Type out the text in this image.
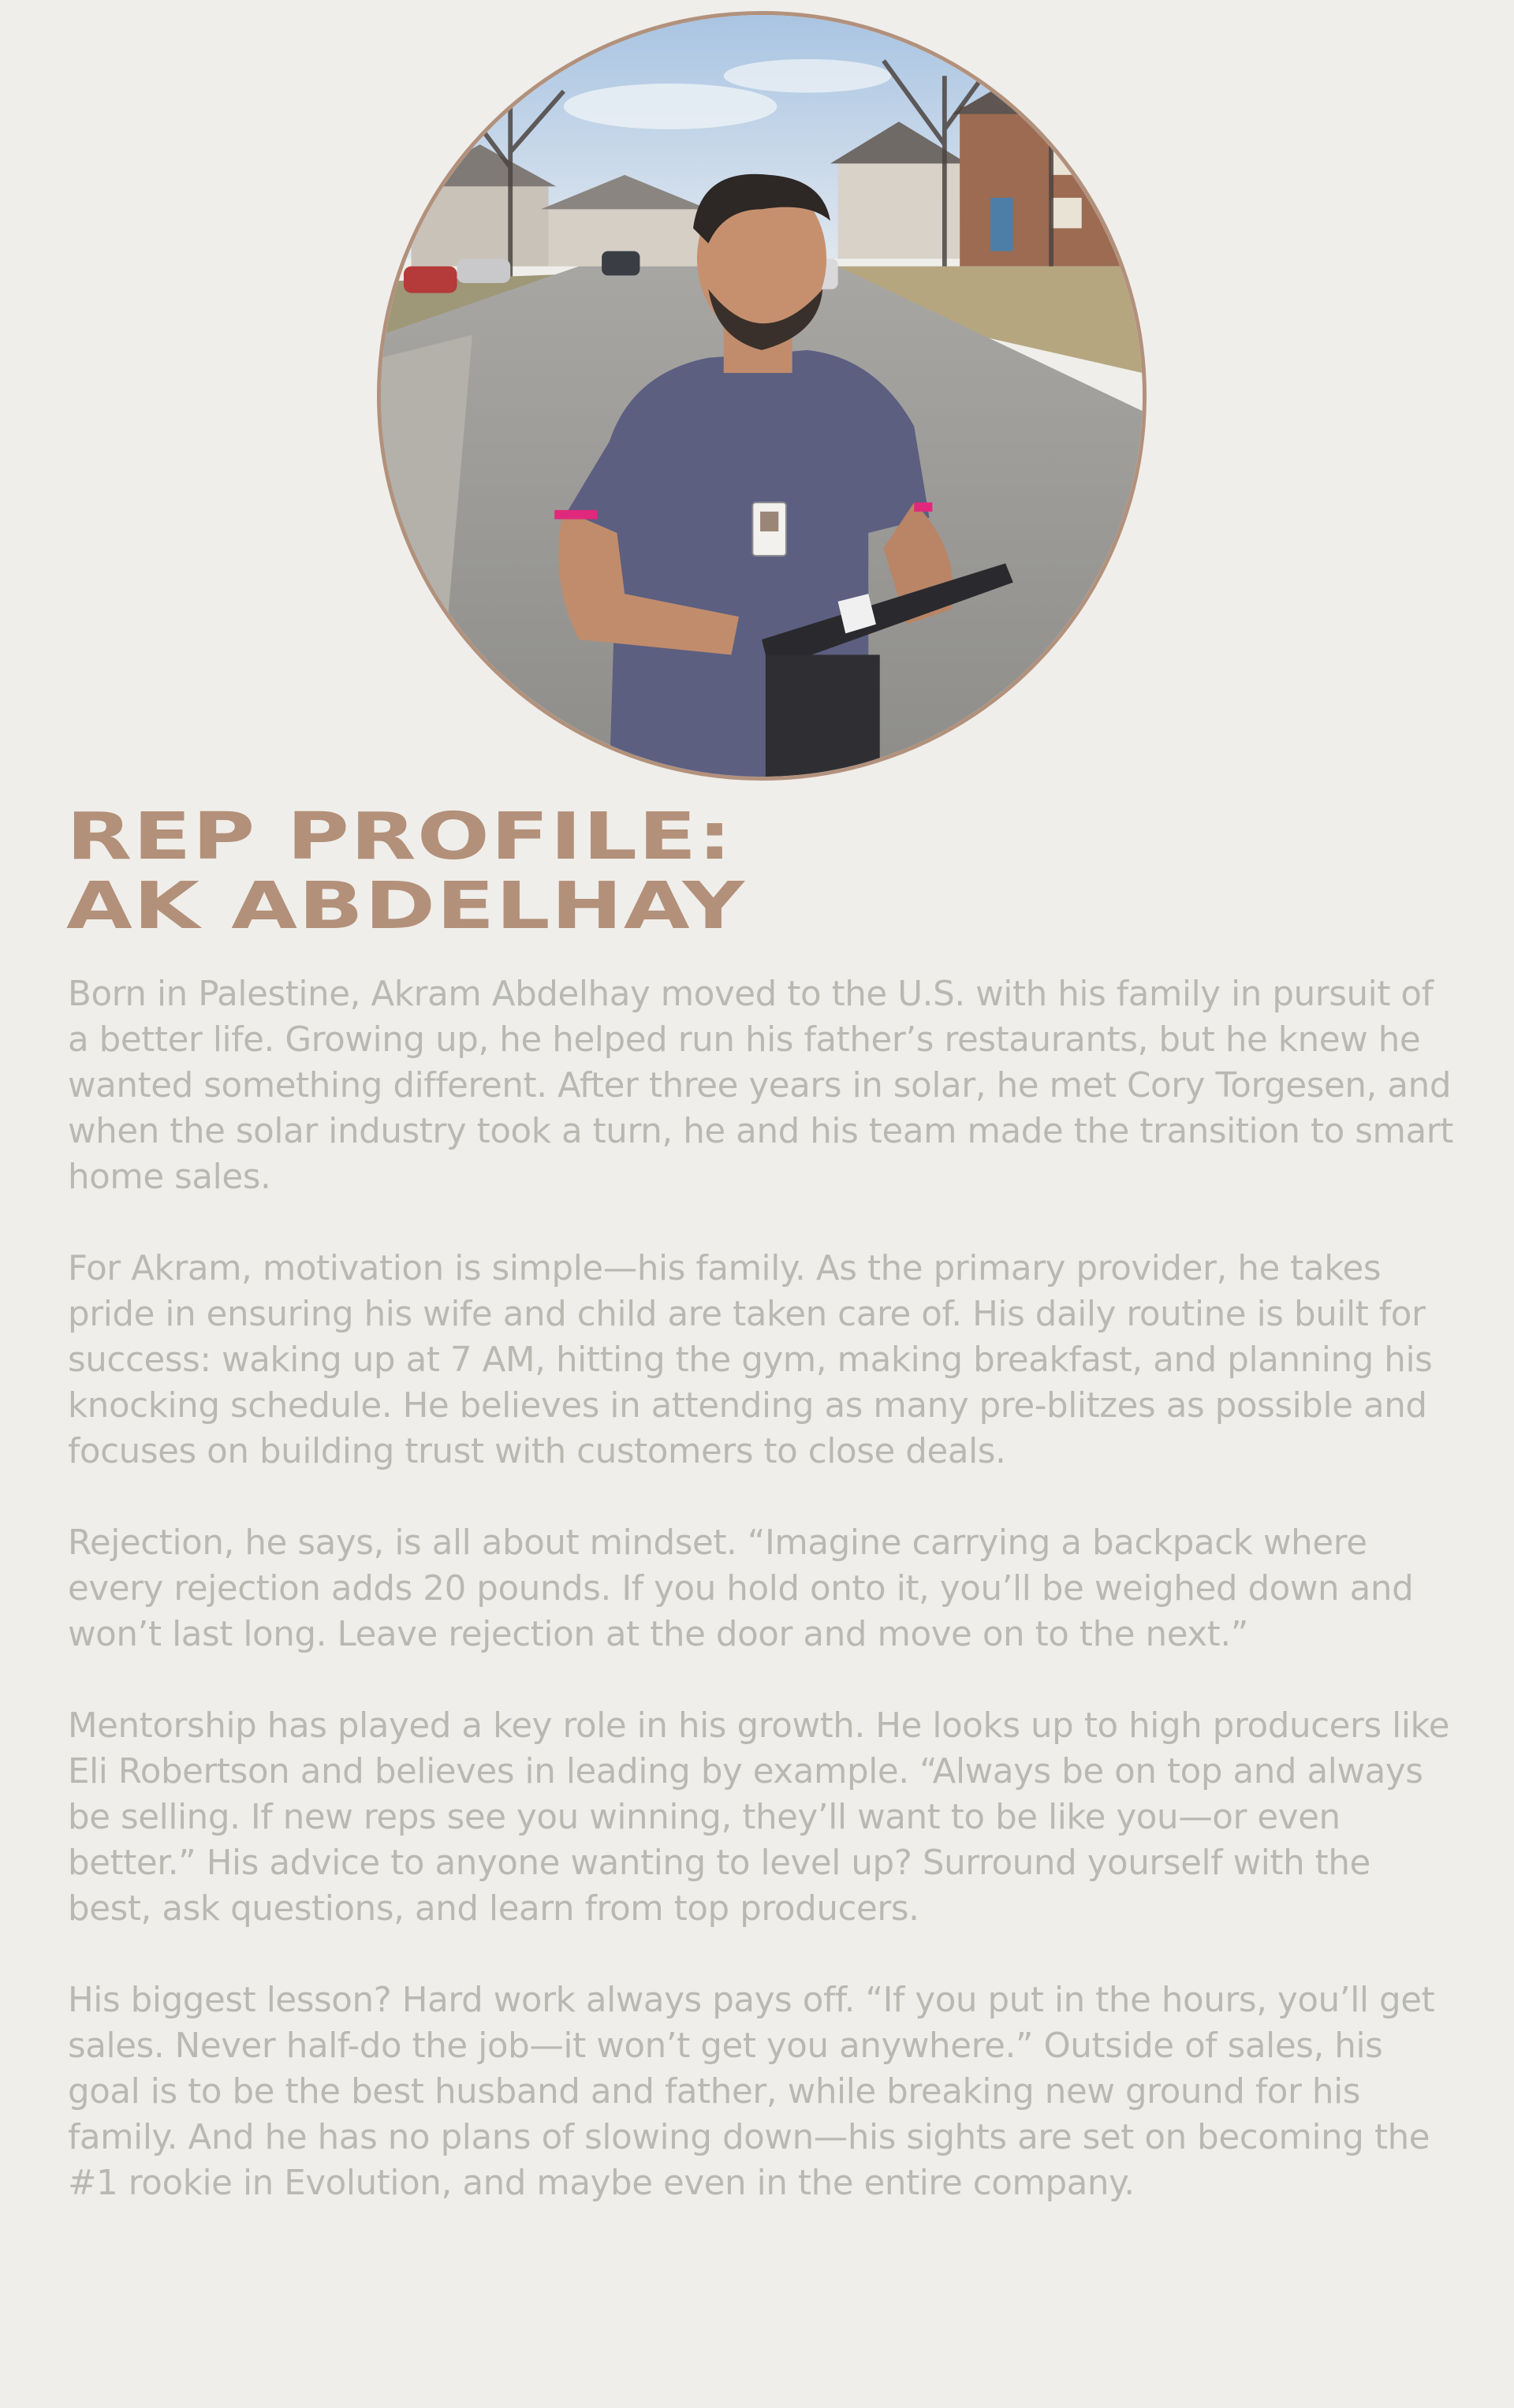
REP PROFILE:
AK ABDELHAY

Born in Palestine, Akram Abdelhay moved to the U.S. with his family in pursuit of a better life. Growing up, he helped run his father’s restaurants, but he knew he wanted something different. After three years in solar, he met Cory Torgesen, and when the solar industry took a turn, he and his team made the transition to smart home sales.

For Akram, motivation is simple—his family. As the primary provider, he takes pride in ensuring his wife and child are taken care of. His daily routine is built for success: waking up at 7 AM, hitting the gym, making breakfast, and planning his knocking schedule. He believes in attending as many pre-blitzes as possible and focuses on building trust with customers to close deals.

Rejection, he says, is all about mindset. “Imagine carrying a backpack where every rejection adds 20 pounds. If you hold onto it, you’ll be weighed down and won’t last long. Leave rejection at the door and move on to the next.”

Mentorship has played a key role in his growth. He looks up to high producers like Eli Robertson and believes in leading by example. “Always be on top and always be selling. If new reps see you winning, they’ll want to be like you—or even better.” His advice to anyone wanting to level up? Surround yourself with the best, ask questions, and learn from top producers.

His biggest lesson? Hard work always pays off. “If you put in the hours, you’ll get sales. Never half-do the job—it won’t get you anywhere.” Outside of sales, his goal is to be the best husband and father, while breaking new ground for his family. And he has no plans of slowing down—his sights are set on becoming the #1 rookie in Evolution, and maybe even in the entire company.
